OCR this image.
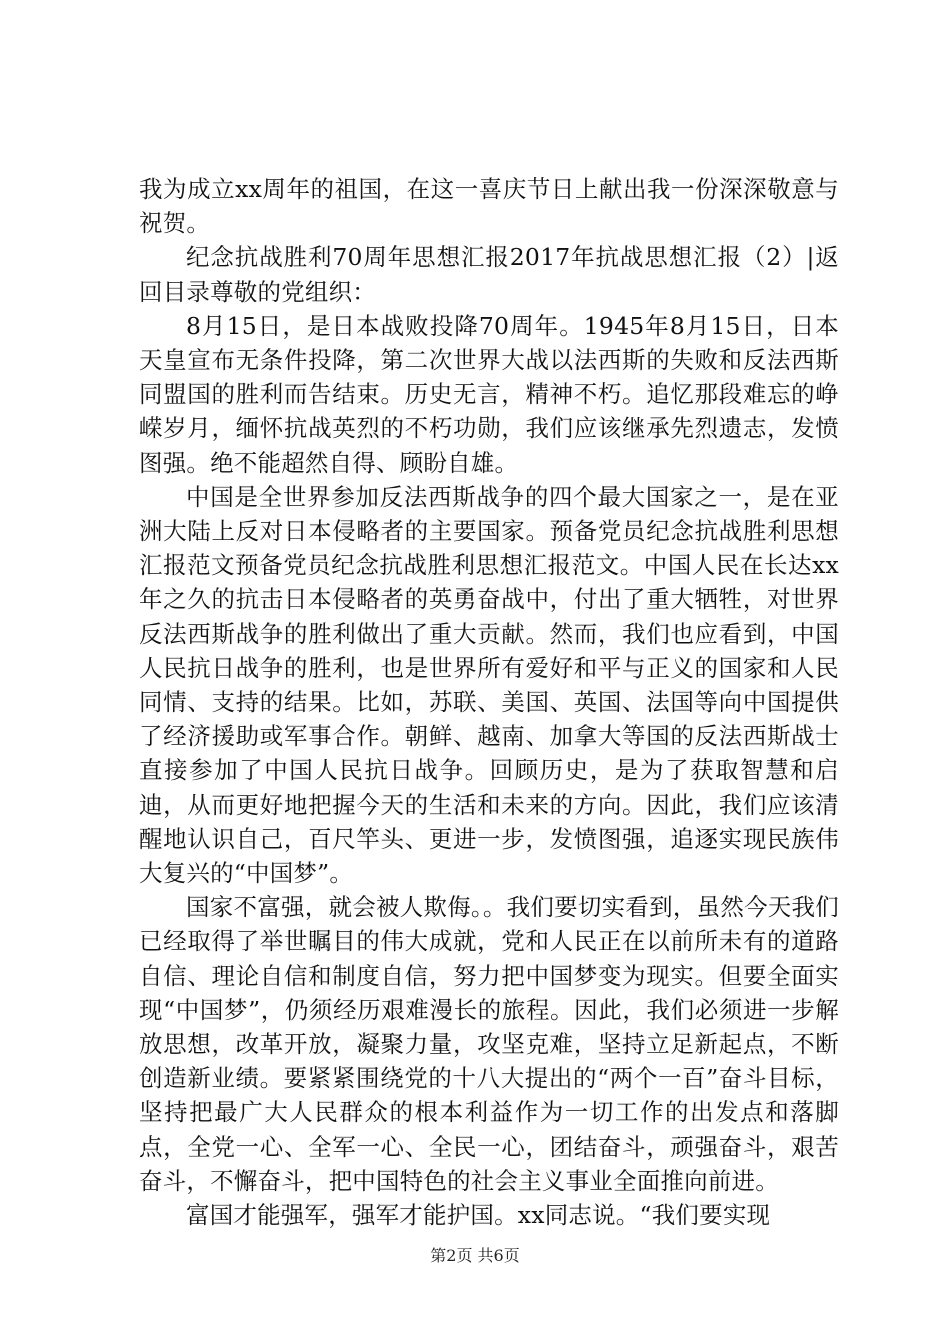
我为成立xx周年的祖国，在这一喜庆节日上献出我一份深深敬意与祝贺。

纪念抗战胜利70周年思想汇报2017年抗战思想汇报（2）|返回目录尊敬的党组织：

8月15日，是日本战败投降70周年。1945年8月15日，日本天皇宣布无条件投降，第二次世界大战以法西斯的失败和反法西斯同盟国的胜利而告结束。历史无言，精神不朽。追忆那段难忘的峥嵘岁月，缅怀抗战英烈的不朽功勋，我们应该继承先烈遗志，发愤图强。绝不能超然自得、顾盼自雄。

中国是全世界参加反法西斯战争的四个最大国家之一，是在亚洲大陆上反对日本侵略者的主要国家。预备党员纪念抗战胜利思想汇报范文预备党员纪念抗战胜利思想汇报范文。中国人民在长达xx年之久的抗击日本侵略者的英勇奋战中，付出了重大牺牲，对世界反法西斯战争的胜利做出了重大贡献。然而，我们也应看到，中国人民抗日战争的胜利，也是世界所有爱好和平与正义的国家和人民同情、支持的结果。比如，苏联、美国、英国、法国等向中国提供了经济援助或军事合作。朝鲜、越南、加拿大等国的反法西斯战士直接参加了中国人民抗日战争。回顾历史，是为了获取智慧和启迪，从而更好地把握今天的生活和未来的方向。因此，我们应该清醒地认识自己，百尺竿头、更进一步，发愤图强，追逐实现民族伟大复兴的“中国梦”。

国家不富强，就会被人欺侮。。我们要切实看到，虽然今天我们已经取得了举世瞩目的伟大成就，党和人民正在以前所未有的道路自信、理论自信和制度自信，努力把中国梦变为现实。但要全面实现“中国梦”，仍须经历艰难漫长的旅程。因此，我们必须进一步解放思想，改革开放，凝聚力量，攻坚克难，坚持立足新起点，不断创造新业绩。要紧紧围绕党的十八大提出的“两个一百”奋斗目标，坚持把最广大人民群众的根本利益作为一切工作的出发点和落脚点，全党一心、全军一心、全民一心，团结奋斗，顽强奋斗，艰苦奋斗，不懈奋斗，把中国特色的社会主义事业全面推向前进。

富国才能强军，强军才能护国。xx同志说。“我们要实现

第2页 共6页
